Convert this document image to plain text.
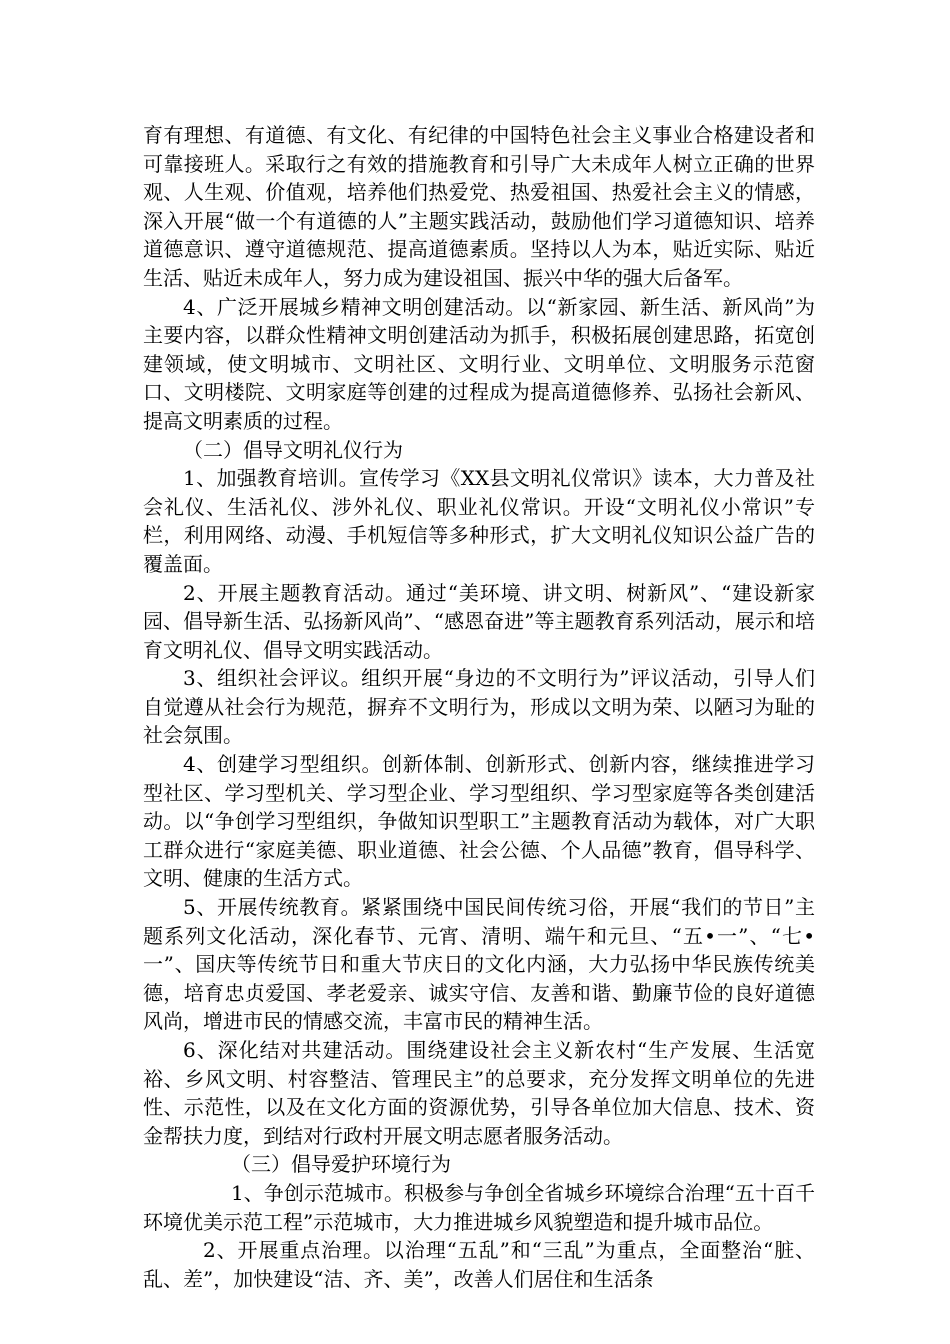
育有理想、有道德、有文化、有纪律的中国特色社会主义事业合格建设者和可靠接班人。采取行之有效的措施教育和引导广大未成年人树立正确的世界观、人生观、价值观，培养他们热爱党、热爱祖国、热爱社会主义的情感，深入开展“做一个有道德的人”主题实践活动，鼓励他们学习道德知识、培养道德意识、遵守道德规范、提高道德素质。坚持以人为本，贴近实际、贴近生活、贴近未成年人，努力成为建设祖国、振兴中华的强大后备军。

4、广泛开展城乡精神文明创建活动。以“新家园、新生活、新风尚”为主要内容，以群众性精神文明创建活动为抓手，积极拓展创建思路，拓宽创建领域，使文明城市、文明社区、文明行业、文明单位、文明服务示范窗口、文明楼院、文明家庭等创建的过程成为提高道德修养、弘扬社会新风、提高文明素质的过程。

（二）倡导文明礼仪行为

1、加强教育培训。宣传学习《XX县文明礼仪常识》读本，大力普及社会礼仪、生活礼仪、涉外礼仪、职业礼仪常识。开设“文明礼仪小常识”专栏，利用网络、动漫、手机短信等多种形式，扩大文明礼仪知识公益广告的覆盖面。

2、开展主题教育活动。通过“美环境、讲文明、树新风”、“建设新家园、倡导新生活、弘扬新风尚”、“感恩奋进”等主题教育系列活动，展示和培育文明礼仪、倡导文明实践活动。

3、组织社会评议。组织开展“身边的不文明行为”评议活动，引导人们自觉遵从社会行为规范，摒弃不文明行为，形成以文明为荣、以陋习为耻的社会氛围。

4、创建学习型组织。创新体制、创新形式、创新内容，继续推进学习型社区、学习型机关、学习型企业、学习型组织、学习型家庭等各类创建活动。以“争创学习型组织，争做知识型职工”主题教育活动为载体，对广大职工群众进行“家庭美德、职业道德、社会公德、个人品德”教育，倡导科学、文明、健康的生活方式。

5、开展传统教育。紧紧围绕中国民间传统习俗，开展“我们的节日”主题系列文化活动，深化春节、元宵、清明、端午和元旦、“五•一”、“七•一”、国庆等传统节日和重大节庆日的文化内涵，大力弘扬中华民族传统美德，培育忠贞爱国、孝老爱亲、诚实守信、友善和谐、勤廉节俭的良好道德风尚，增进市民的情感交流，丰富市民的精神生活。

6、深化结对共建活动。围绕建设社会主义新农村“生产发展、生活宽裕、乡风文明、村容整洁、管理民主”的总要求，充分发挥文明单位的先进性、示范性，以及在文化方面的资源优势，引导各单位加大信息、技术、资金帮扶力度，到结对行政村开展文明志愿者服务活动。

（三）倡导爱护环境行为

1、争创示范城市。积极参与争创全省城乡环境综合治理“五十百千环境优美示范工程”示范城市，大力推进城乡风貌塑造和提升城市品位。

2、开展重点治理。以治理“五乱”和“三乱”为重点，全面整治“脏、乱、差”，加快建设“洁、齐、美”，改善人们居住和生活条
